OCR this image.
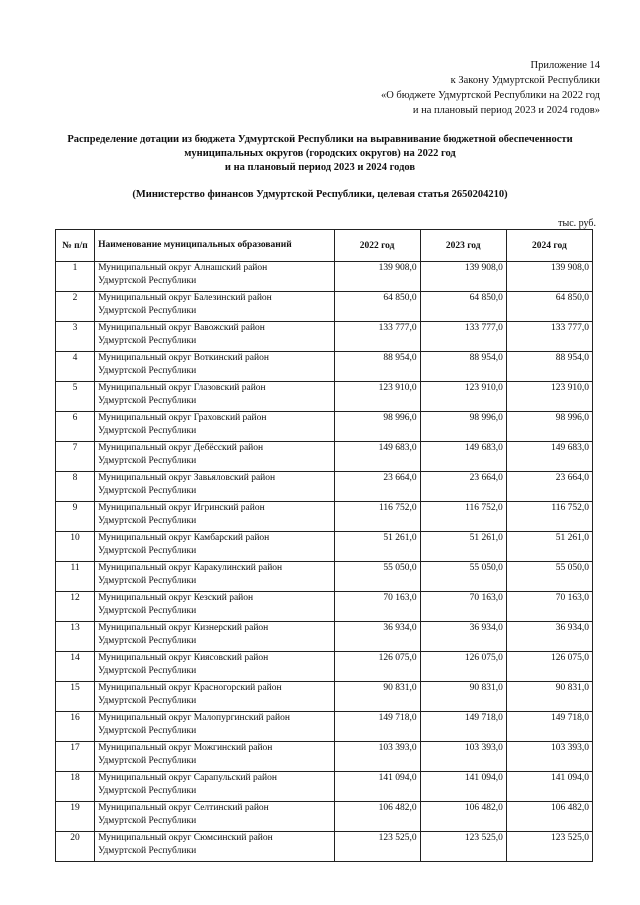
Приложение 14
к Закону Удмуртской Республики
«О бюджете Удмуртской Республики на 2022 год
и на плановый период 2023 и 2024 годов»
Распределение дотации из бюджета Удмуртской Республики на выравнивание бюджетной обеспеченности
муниципальных округов (городских округов) на 2022 год
и на плановый период 2023 и 2024 годов
(Министерство финансов Удмуртской Республики, целевая статья 2650204210)
тыс. руб.
№ п/п	Наименование муниципальных образований	2022 год	2023 год	2024 год
1	Муниципальный округ Алнашский район
Удмуртской Республики	139 908,0	139 908,0	139 908,0
2	Муниципальный округ Балезинский район
Удмуртской Республики	64 850,0	64 850,0	64 850,0
3	Муниципальный округ Вавожский район
Удмуртской Республики	133 777,0	133 777,0	133 777,0
4	Муниципальный округ Воткинский район
Удмуртской Республики	88 954,0	88 954,0	88 954,0
5	Муниципальный округ Глазовский район
Удмуртской Республики	123 910,0	123 910,0	123 910,0
6	Муниципальный округ Граховский район
Удмуртской Республики	98 996,0	98 996,0	98 996,0
7	Муниципальный округ Дебёсский район
Удмуртской Республики	149 683,0	149 683,0	149 683,0
8	Муниципальный округ Завьяловский район
Удмуртской Республики	23 664,0	23 664,0	23 664,0
9	Муниципальный округ Игринский район
Удмуртской Республики	116 752,0	116 752,0	116 752,0
10	Муниципальный округ Камбарский район
Удмуртской Республики	51 261,0	51 261,0	51 261,0
11	Муниципальный округ Каракулинский район
Удмуртской Республики	55 050,0	55 050,0	55 050,0
12	Муниципальный округ Кезский район
Удмуртской Республики	70 163,0	70 163,0	70 163,0
13	Муниципальный округ Кизнерский район
Удмуртской Республики	36 934,0	36 934,0	36 934,0
14	Муниципальный округ Киясовский район
Удмуртской Республики	126 075,0	126 075,0	126 075,0
15	Муниципальный округ Красногорский район
Удмуртской Республики	90 831,0	90 831,0	90 831,0
16	Муниципальный округ Малопургинский район
Удмуртской Республики	149 718,0	149 718,0	149 718,0
17	Муниципальный округ Можгинский район
Удмуртской Республики	103 393,0	103 393,0	103 393,0
18	Муниципальный округ Сарапульский район
Удмуртской Республики	141 094,0	141 094,0	141 094,0
19	Муниципальный округ Селтинский район
Удмуртской Республики	106 482,0	106 482,0	106 482,0
20	Муниципальный округ Сюмсинский район
Удмуртской Республики	123 525,0	123 525,0	123 525,0
